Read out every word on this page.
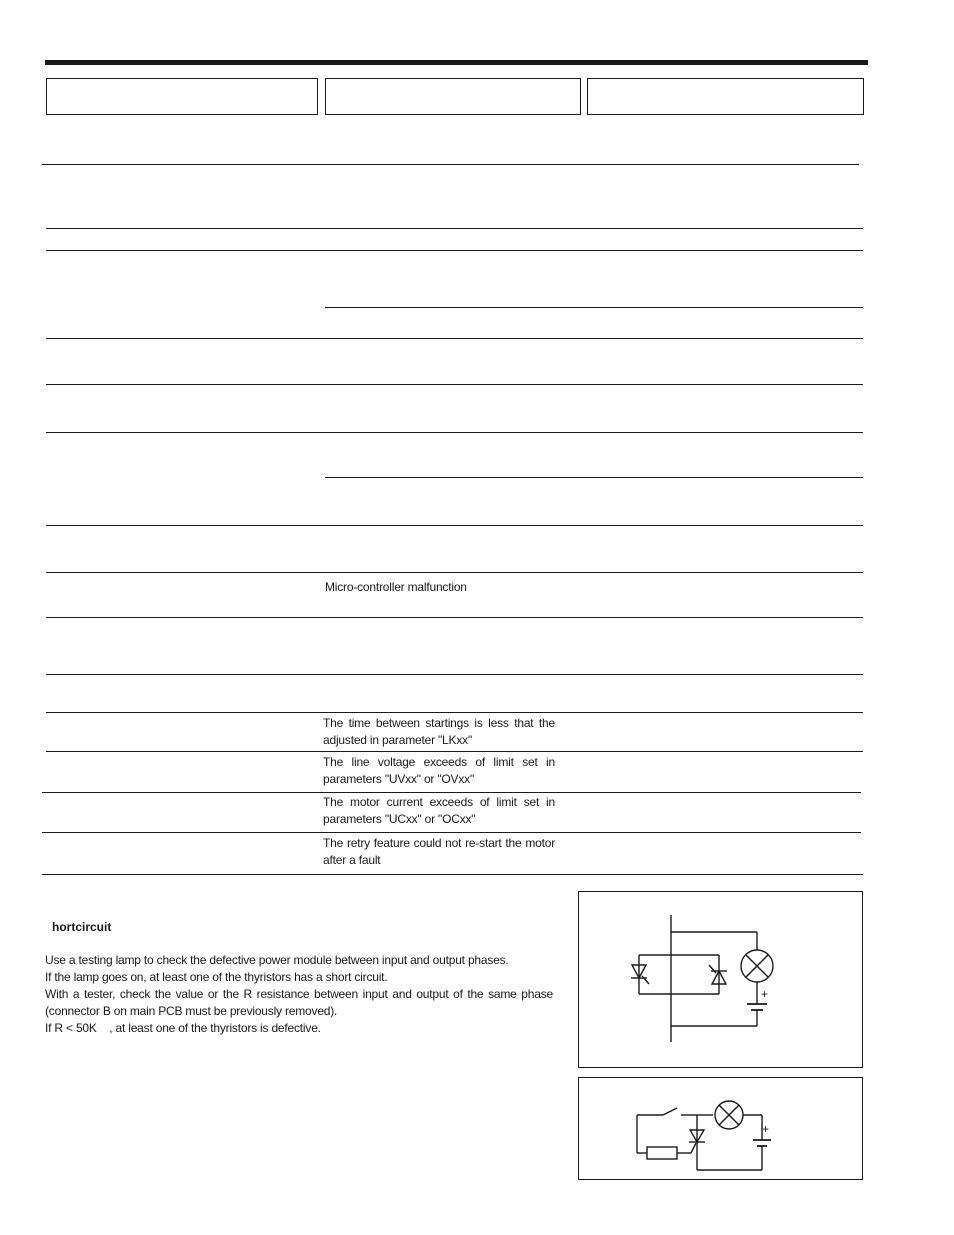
Micro-controller malfunction
The time between startings is less that the
adjusted in parameter "LKxx"
The line voltage exceeds of limit set in
parameters "UVxx" or "OVxx"
The motor current exceeds of limit set in
parameters "UCxx" or "OCxx"
The retry feature could not re-start the motor
after a fault
hortcircuit
Use a testing lamp to check the defective power module between input and output phases.
If the lamp goes on, at least one of the thyristors has a short circuit.
With a tester, check the value or the R resistance between input and output of the same phase
(connector B on main PCB must be previously removed).
If R < 50K    , at least one of the thyristors is defective.
+
+
